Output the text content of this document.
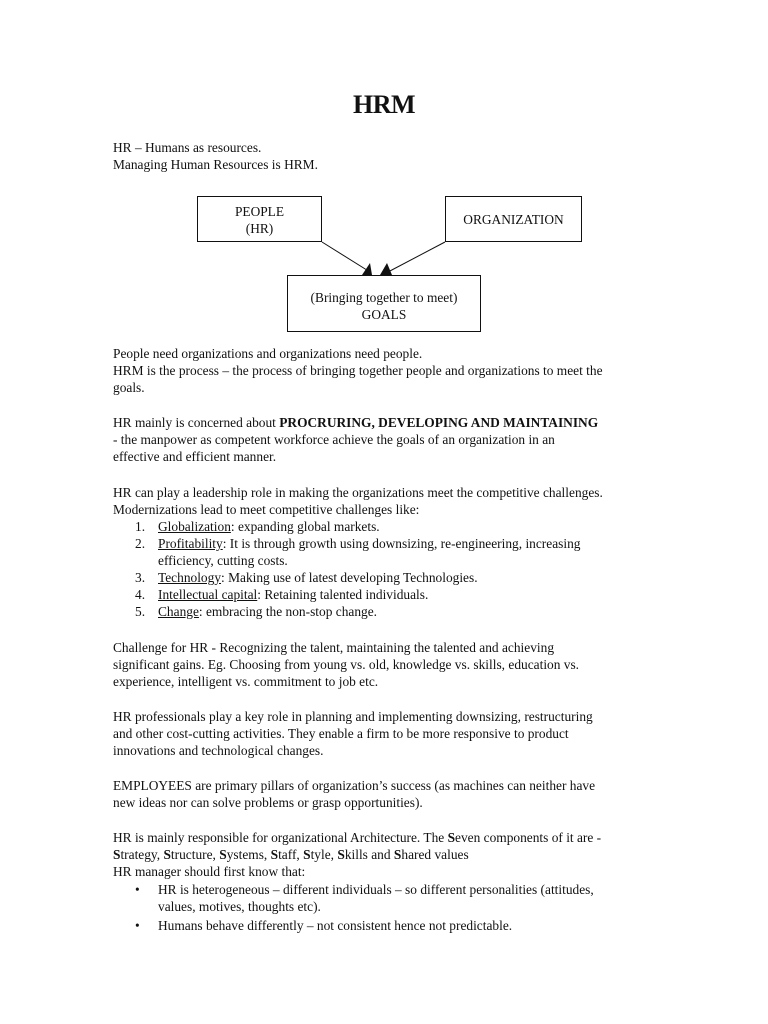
HRM
HR – Humans as resources.
Managing Human Resources is HRM.
PEOPLE
(HR)
ORGANIZATION
(Bringing together to meet)
GOALS
People need organizations and organizations need people.
HRM is the process – the process of bringing together people and organizations to meet the
goals.
HR mainly is concerned about PROCRURING, DEVELOPING AND MAINTAINING
- the manpower as competent workforce achieve the goals of an organization in an
effective and efficient manner.
HR can play a leadership role in making the organizations meet the competitive challenges.
Modernizations lead to meet competitive challenges like:
1. Globalization: expanding global markets.
2. Profitability: It is through growth using downsizing, re-engineering, increasing
efficiency, cutting costs.
3. Technology: Making use of latest developing Technologies.
4. Intellectual capital: Retaining talented individuals.
5. Change: embracing the non-stop change.
Challenge for HR - Recognizing the talent, maintaining the talented and achieving
significant gains. Eg. Choosing from young vs. old, knowledge vs. skills, education vs.
experience, intelligent vs. commitment to job etc.
HR professionals play a key role in planning and implementing downsizing, restructuring
and other cost-cutting activities. They enable a firm to be more responsive to product
innovations and technological changes.
EMPLOYEES are primary pillars of organization’s success (as machines can neither have
new ideas nor can solve problems or grasp opportunities).
HR is mainly responsible for organizational Architecture. The Seven components of it are -
Strategy, Structure, Systems, Staff, Style, Skills and Shared values
HR manager should first know that:
• HR is heterogeneous – different individuals – so different personalities (attitudes,
values, motives, thoughts etc).
• Humans behave differently – not consistent hence not predictable.
